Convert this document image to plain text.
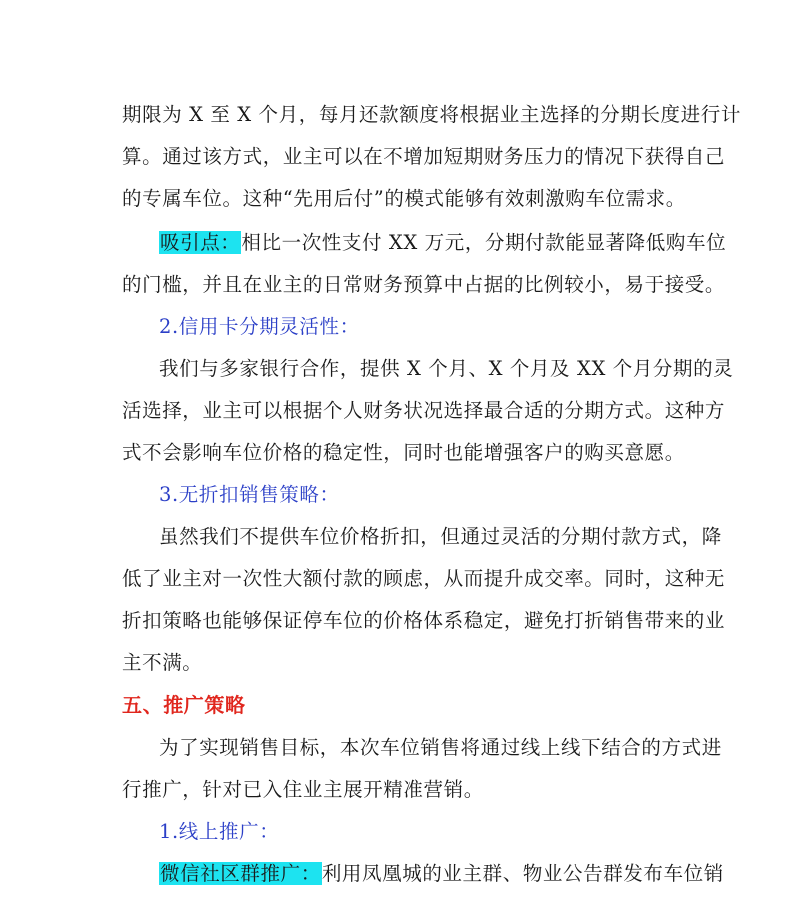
期限为 X 至 X 个月，每月还款额度将根据业主选择的分期长度进行计
算。通过该方式，业主可以在不增加短期财务压力的情况下获得自己
的专属车位。这种“先用后付”的模式能够有效刺激购车位需求。
吸引点：相比一次性支付 XX 万元，分期付款能显著降低购车位
的门槛，并且在业主的日常财务预算中占据的比例较小，易于接受。
2.信用卡分期灵活性：
我们与多家银行合作，提供 X 个月、X 个月及 XX 个月分期的灵
活选择，业主可以根据个人财务状况选择最合适的分期方式。这种方
式不会影响车位价格的稳定性，同时也能增强客户的购买意愿。
3.无折扣销售策略：
虽然我们不提供车位价格折扣，但通过灵活的分期付款方式，降
低了业主对一次性大额付款的顾虑，从而提升成交率。同时，这种无
折扣策略也能够保证停车位的价格体系稳定，避免打折销售带来的业
主不满。
五、推广策略
为了实现销售目标，本次车位销售将通过线上线下结合的方式进
行推广，针对已入住业主展开精准营销。
1.线上推广：
微信社区群推广：利用凤凰城的业主群、物业公告群发布车位销
